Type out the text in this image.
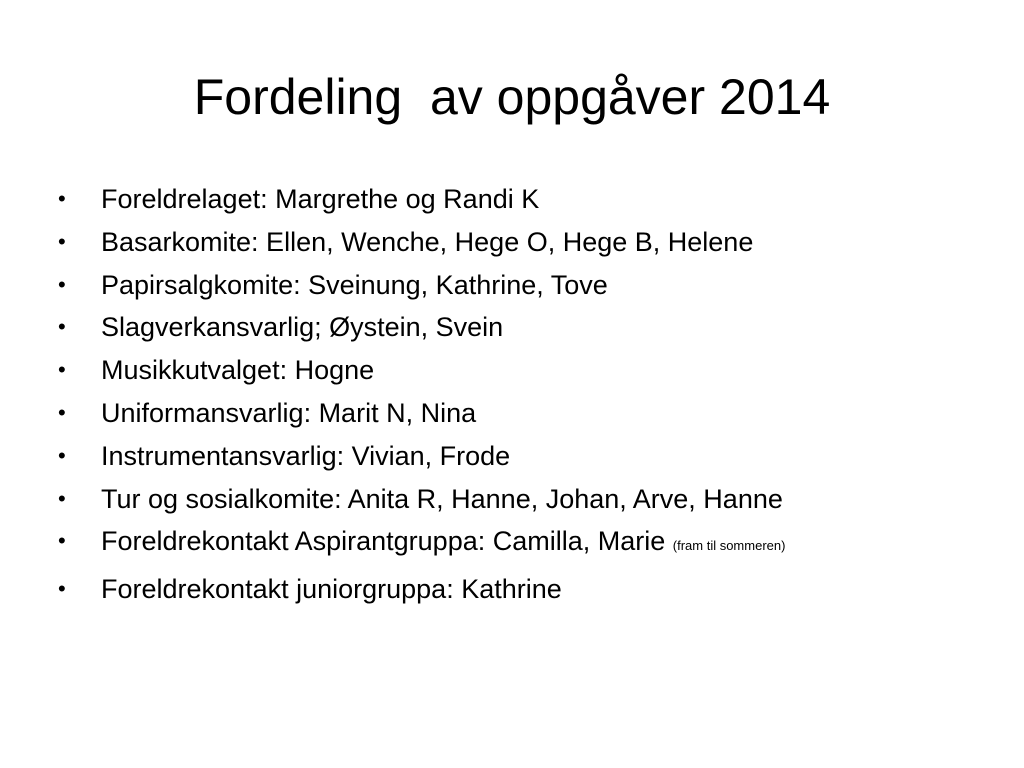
Fordeling  av oppgåver 2014
• Foreldrelaget: Margrethe og Randi K
• Basarkomite: Ellen, Wenche, Hege O, Hege B, Helene
• Papirsalgkomite: Sveinung, Kathrine, Tove
• Slagverkansvarlig; Øystein, Svein
• Musikkutvalget: Hogne
• Uniformansvarlig: Marit N, Nina
• Instrumentansvarlig: Vivian, Frode
• Tur og sosialkomite: Anita R, Hanne, Johan, Arve, Hanne
• Foreldrekontakt Aspirantgruppa: Camilla, Marie (fram til sommeren)
• Foreldrekontakt juniorgruppa: Kathrine
